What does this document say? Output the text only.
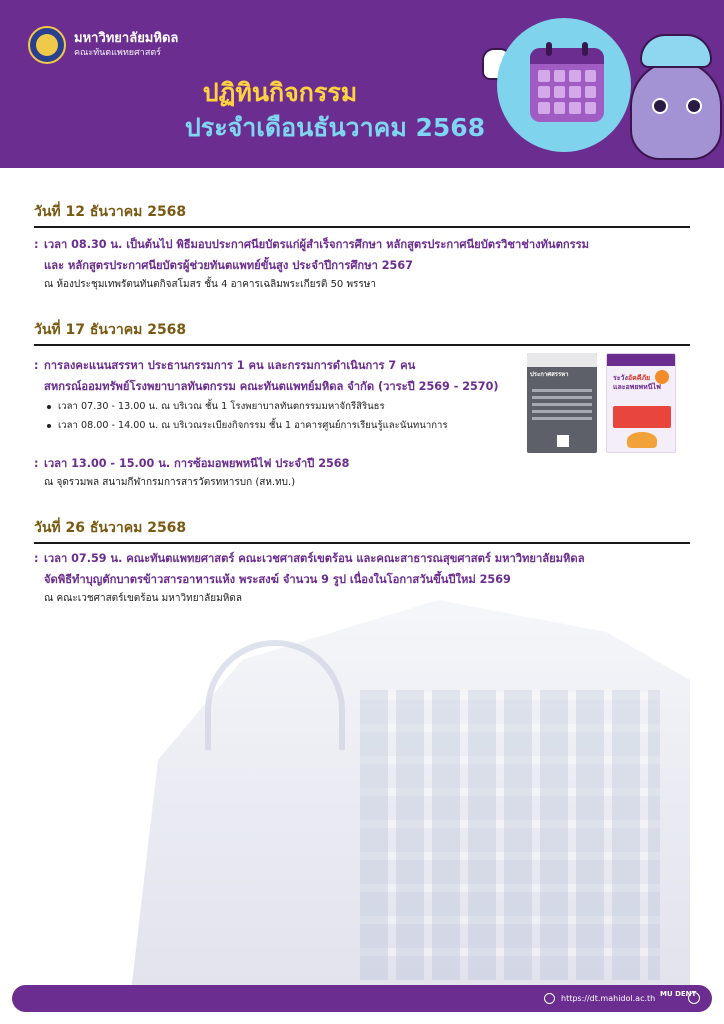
มหาวิทยาลัยมหิดล
คณะทันตแพทยศาสตร์
ปฏิทินกิจกรรม
ประจำเดือนธันวาคม 2568
วันที่ 12 ธันวาคม 2568
: เวลา 08.30 น. เป็นต้นไป พิธีมอบประกาศนียบัตรแก่ผู้สำเร็จการศึกษา หลักสูตรประกาศนียบัตรวิชาช่างทันตกรรม
และ หลักสูตรประกาศนียบัตรผู้ช่วยทันตแพทย์ขั้นสูง ประจำปีการศึกษา 2567
ณ ห้องประชุมเทพรัตนทันตกิจสโมสร ชั้น 4 อาคารเฉลิมพระเกียรติ 50 พรรษา
วันที่ 17 ธันวาคม 2568
: การลงคะแนนสรรหา ประธานกรรมการ 1 คน และกรรมการดำเนินการ 7 คน
สหกรณ์ออมทรัพย์โรงพยาบาลทันตกรรม คณะทันตแพทย์มหิดล จำกัด (วาระปี 2569 - 2570)
เวลา 07.30 - 13.00 น. ณ บริเวณ ชั้น 1 โรงพยาบาลทันตกรรมมหาจักรีสิรินธร
เวลา 08.00 - 14.00 น. ณ บริเวณระเบียงกิจกรรม ชั้น 1 อาคารศูนย์การเรียนรู้และนันทนาการ
: เวลา 13.00 - 15.00 น. การซ้อมอพยพหนีไฟ ประจำปี 2568
ณ จุดรวมพล สนามกีฬากรมการสารวัตรทหารบก (สห.ทบ.)
ประกาศสรรหา	ระวังอัคคีภัย
และอพยพหนีไฟ
วันที่ 26 ธันวาคม 2568
: เวลา 07.59 น. คณะทันตแพทยศาสตร์ คณะเวชศาสตร์เขตร้อน และคณะสาธารณสุขศาสตร์ มหาวิทยาลัยมหิดล
จัดพิธีทำบุญตักบาตรข้าวสารอาหารแห้ง พระสงฆ์ จำนวน 9 รูป เนื่องในโอกาสวันขึ้นปีใหม่ 2569
ณ คณะเวชศาสตร์เขตร้อน มหาวิทยาลัยมหิดล
https://dt.mahidol.ac.th MU DENT
